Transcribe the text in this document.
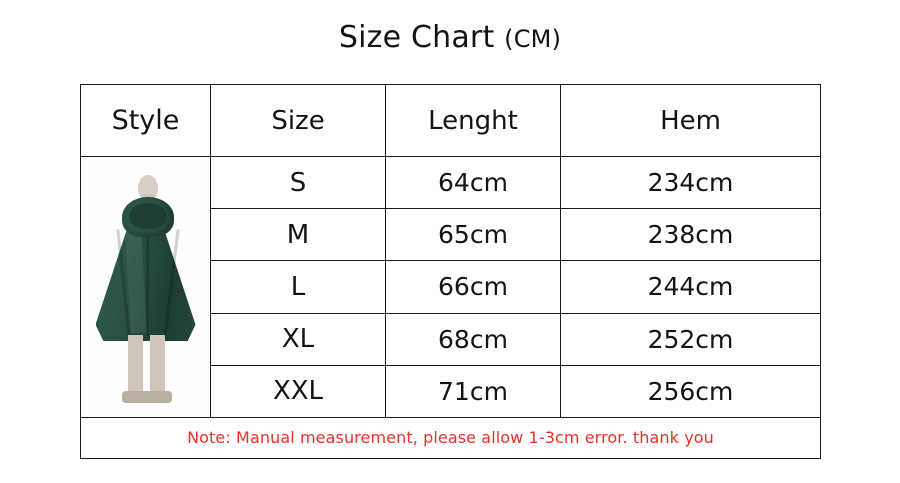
Size Chart (CM)
Style	Size	Lenght	Hem

	S	64cm	234cm
	M	65cm	238cm
	L	66cm	244cm
	XL	68cm	252cm
	XXL	71cm	256cm
Note: Manual measurement, please allow 1-3cm error. thank you			
